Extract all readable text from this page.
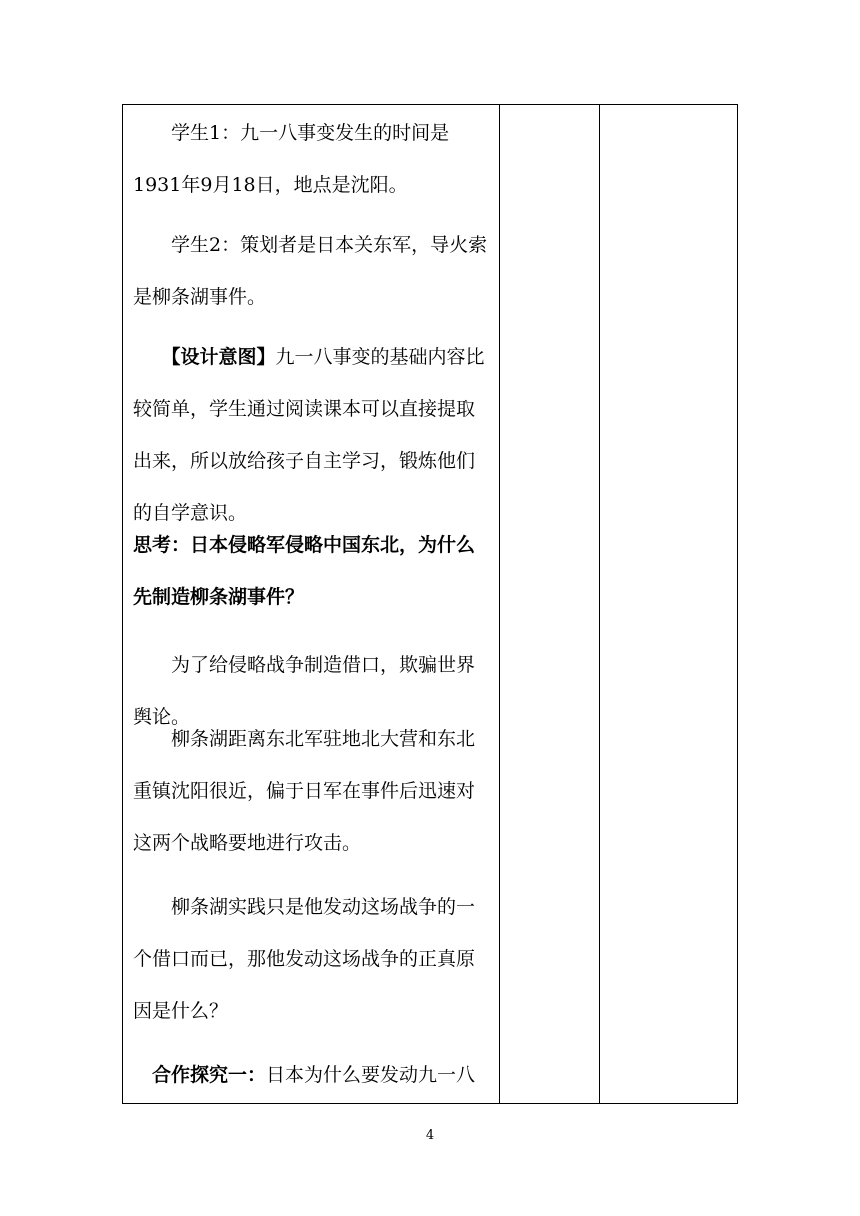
　　学生1：九一八事变发生的时间是1931年9月18日，地点是沈阳。

　　学生2：策划者是日本关东军，导火索是柳条湖事件。

　　【设计意图】九一八事变的基础内容比较简单，学生通过阅读课本可以直接提取出来，所以放给孩子自主学习，锻炼他们的自学意识。

思考：日本侵略军侵略中国东北，为什么先制造柳条湖事件？

　　为了给侵略战争制造借口，欺骗世界舆论。

　　柳条湖距离东北军驻地北大营和东北重镇沈阳很近，偏于日军在事件后迅速对这两个战略要地进行攻击。

　　柳条湖实践只是他发动这场战争的一个借口而已，那他发动这场战争的正真原因是什么？

　合作探究一：日本为什么要发动九一八

4
